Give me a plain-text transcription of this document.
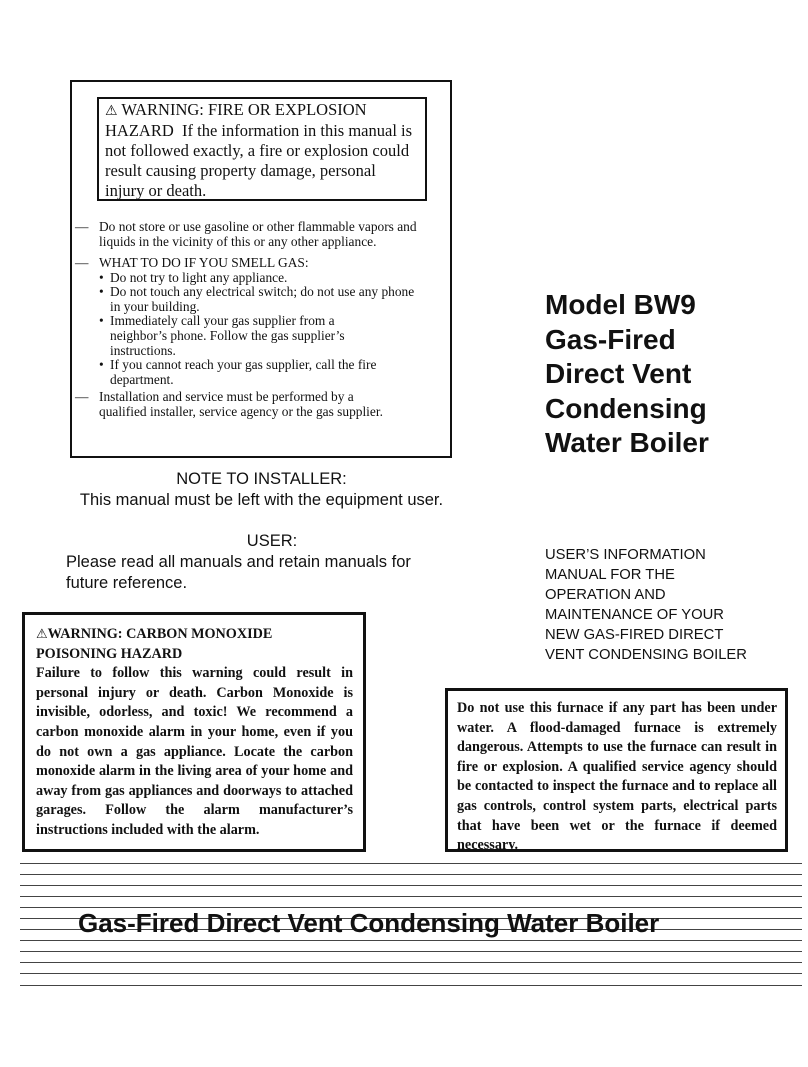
⚠ WARNING: FIRE OR EXPLOSION
HAZARD If the information in this manual is
not followed exactly, a fire or explosion could
result causing property damage, personal
injury or death.
— Do not store or use gasoline or other flammable vapors and
liquids in the vicinity of this or any other appliance.
— WHAT TO DO IF YOU SMELL GAS:
• Do not try to light any appliance.
• Do not touch any electrical switch; do not use any phone
in your building.
• Immediately call your gas supplier from a
neighbor’s phone. Follow the gas supplier’s
instructions.
• If you cannot reach your gas supplier, call the fire
department.
— Installation and service must be performed by a
qualified installer, service agency or the gas supplier.
Model BW9
Gas-Fired
Direct Vent
Condensing
Water Boiler
NOTE TO INSTALLER:
This manual must be left with the equipment user.
USER:
Please read all manuals and retain manuals for
future reference.
USER’S INFORMATION
MANUAL FOR THE
OPERATION AND
MAINTENANCE OF YOUR
NEW GAS-FIRED DIRECT
VENT CONDENSING BOILER
⚠WARNING: CARBON MONOXIDE
POISONING HAZARD
Failure to follow this warning could result in personal injury or death. Carbon Monoxide is invisible, odorless, and toxic! We recommend a carbon monoxide alarm in your home, even if you do not own a gas appliance. Locate the carbon monoxide alarm in the living area of your home and away from gas appliances and doorways to attached garages. Follow the alarm manufacturer’s instructions included with the alarm.
Do not use this furnace if any part has been under water. A flood-damaged furnace is extremely dangerous. Attempts to use the furnace can result in fire or explosion. A qualified service agency should be contacted to inspect the furnace and to replace all gas controls, control system parts, electrical parts that have been wet or the furnace if deemed necessary.
Gas-Fired Direct Vent Condensing Water Boiler
